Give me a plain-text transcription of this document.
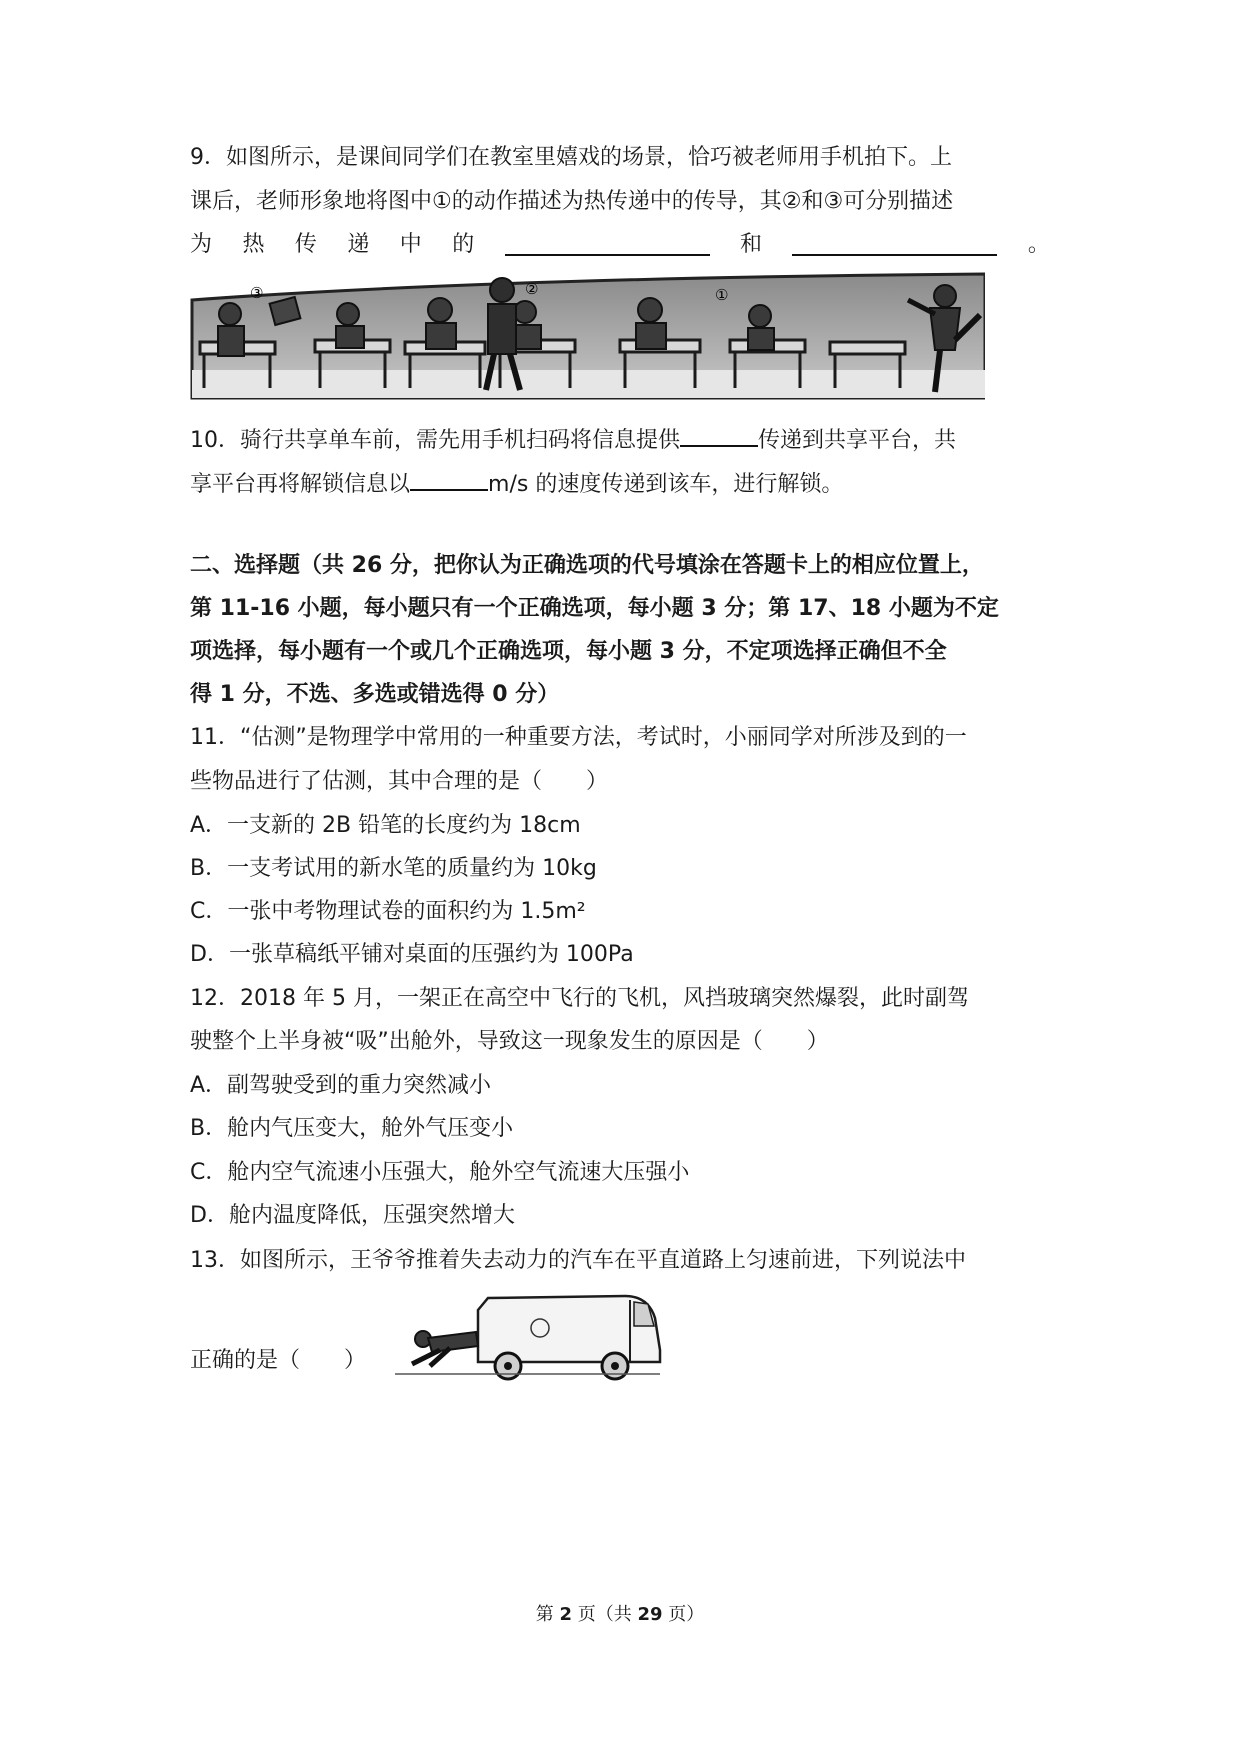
9．如图所示，是课间同学们在教室里嬉戏的场景，恰巧被老师用手机拍下。上
课后，老师形象地将图中①的动作描述为热传递中的传导，其②和③可分别描述
为 热 传 递 中 的	和	。
③	②	①
10．骑行共享单车前，需先用手机扫码将信息提供	传递到共享平台，共
享平台再将解锁信息以	m/s 的速度传递到该车，进行解锁。
二、选择题（共 26 分，把你认为正确选项的代号填涂在答题卡上的相应位置上，
第 11-16 小题，每小题只有一个正确选项，每小题 3 分；第 17、18 小题为不定
项选择，每小题有一个或几个正确选项，每小题 3 分，不定项选择正确但不全
得 1 分，不选、多选或错选得 0 分）
11．“估测”是物理学中常用的一种重要方法，考试时，小丽同学对所涉及到的一
些物品进行了估测，其中合理的是（　　）
A．一支新的 2B 铅笔的长度约为 18cm
B．一支考试用的新水笔的质量约为 10kg
C．一张中考物理试卷的面积约为 1.5m²
D．一张草稿纸平铺对桌面的压强约为 100Pa
12．2018 年 5 月，一架正在高空中飞行的飞机，风挡玻璃突然爆裂，此时副驾
驶整个上半身被“吸”出舱外，导致这一现象发生的原因是（　　）
A．副驾驶受到的重力突然减小
B．舱内气压变大，舱外气压变小
C．舱内空气流速小压强大，舱外空气流速大压强小
D．舱内温度降低，压强突然增大
13．如图所示，王爷爷推着失去动力的汽车在平直道路上匀速前进，下列说法中
正确的是（　　）
第 2 页（共 29 页）
